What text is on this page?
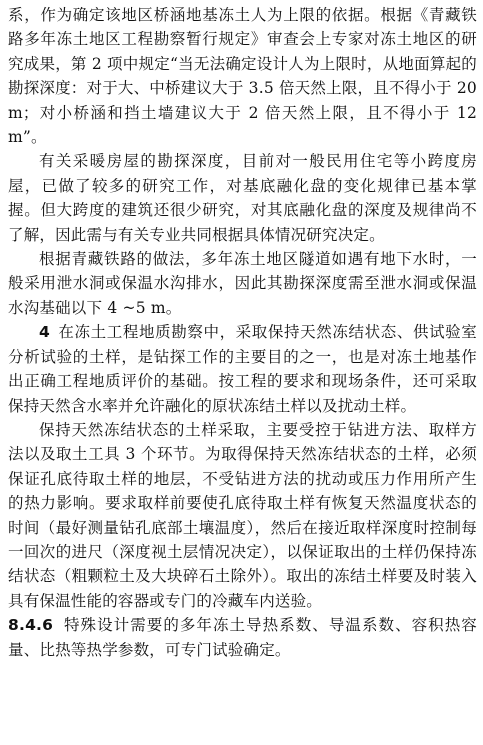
系，作为确定该地区桥涵地基冻土人为上限的依据。根据《青藏铁路多年冻土地区工程勘察暂行规定》审查会上专家对冻土地区的研究成果，第 2 项中规定“当无法确定设计人为上限时，从地面算起的勘探深度：对于大、中桥建议大于 3.5 倍天然上限，且不得小于 20 m；对小桥涵和挡土墙建议大于 2 倍天然上限，且不得小于 12 m”。

有关采暖房屋的勘探深度，目前对一般民用住宅等小跨度房屋，已做了较多的研究工作，对基底融化盘的变化规律已基本掌握。但大跨度的建筑还很少研究，对其底融化盘的深度及规律尚不了解，因此需与有关专业共同根据具体情况研究决定。

根据青藏铁路的做法，多年冻土地区隧道如遇有地下水时，一般采用泄水洞或保温水沟排水，因此其勘探深度需至泄水洞或保温水沟基础以下 4 ~5 m。

4 在冻土工程地质勘察中，采取保持天然冻结状态、供试验室分析试验的土样，是钻探工作的主要目的之一，也是对冻土地基作出正确工程地质评价的基础。按工程的要求和现场条件，还可采取保持天然含水率并允许融化的原状冻结土样以及扰动土样。

保持天然冻结状态的土样采取，主要受控于钻进方法、取样方法以及取土工具 3 个环节。为取得保持天然冻结状态的土样，必须保证孔底待取土样的地层，不受钻进方法的扰动或压力作用所产生的热力影响。要求取样前要使孔底待取土样有恢复天然温度状态的时间（最好测量钻孔底部土壤温度），然后在接近取样深度时控制每一回次的进尺（深度视土层情况决定），以保证取出的土样仍保持冻结状态（粗颗粒土及大块碎石土除外）。取出的冻结土样要及时装入具有保温性能的容器或专门的冷藏车内送验。

8.4.6 特殊设计需要的多年冻土导热系数、导温系数、容积热容量、比热等热学参数，可专门试验确定。
